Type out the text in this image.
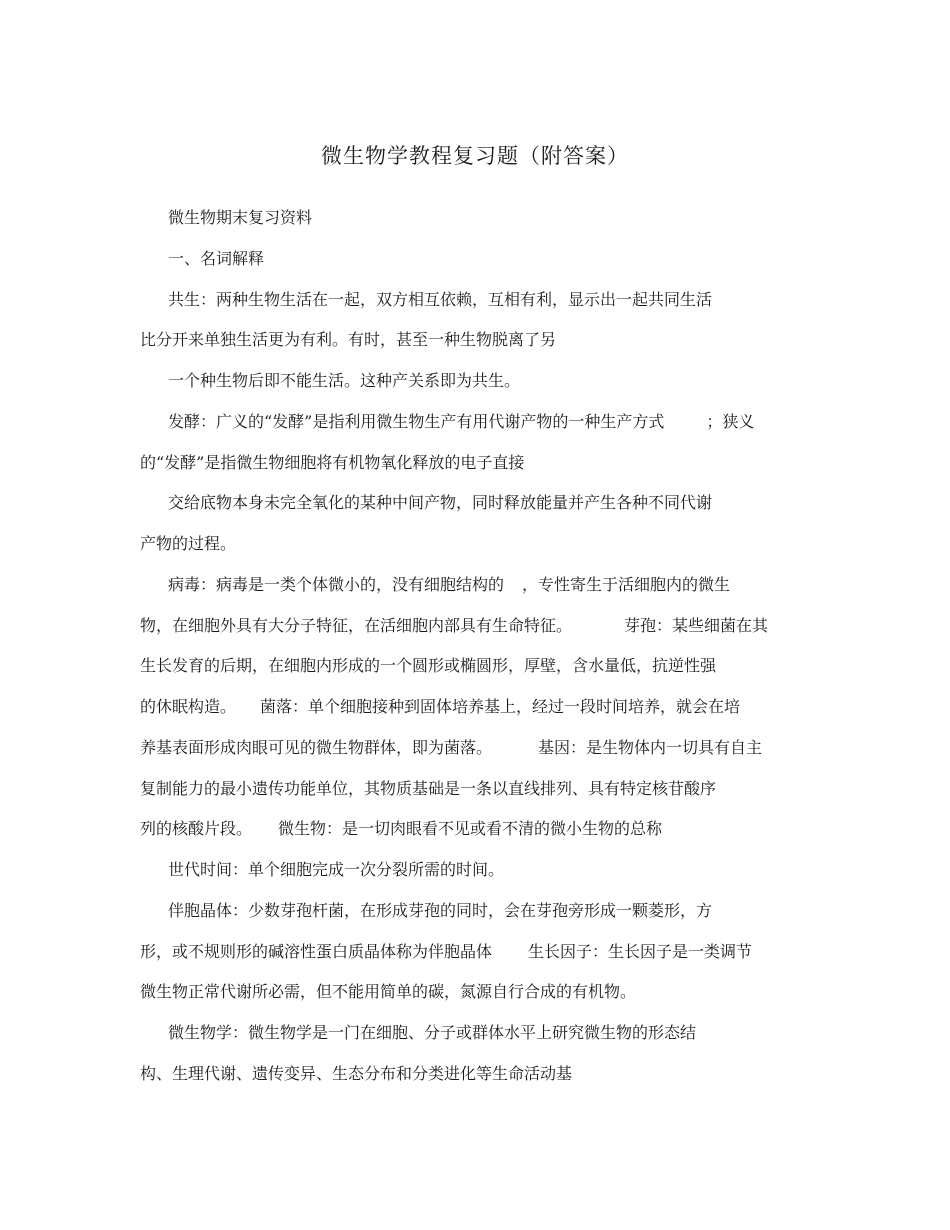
微生物学教程复习题（附答案）
微生物期末复习资料
一、名词解释
共生：两种生物生活在一起，双方相互依赖，互相有利，显示出一起共同生活
比分开来单独生活更为有利。有时，甚至一种生物脱离了另
一个种生物后即不能生活。这种产关系即为共生。
发酵：广义的“发酵”是指利用微生物生产有用代谢产物的一种生产方式	；狭义
的“发酵”是指微生物细胞将有机物氧化释放的电子直接
交给底物本身未完全氧化的某种中间产物，同时释放能量并产生各种不同代谢
产物的过程。
病毒：病毒是一类个体微小的，没有细胞结构的 ，专性寄生于活细胞内的微生
物，在细胞外具有大分子特征，在活细胞内部具有生命特征。	芽孢：某些细菌在其
生长发育的后期，在细胞内形成的一个圆形或椭圆形，厚壁，含水量低，抗逆性强
的休眠构造。 菌落：单个细胞接种到固体培养基上，经过一段时间培养，就会在培
养基表面形成肉眼可见的微生物群体，即为菌落。	基因：是生物体内一切具有自主
复制能力的最小遗传功能单位，其物质基础是一条以直线排列、具有特定核苷酸序
列的核酸片段。 微生物：是一切肉眼看不见或看不清的微小生物的总称
世代时间：单个细胞完成一次分裂所需的时间。
伴胞晶体：少数芽孢杆菌，在形成芽孢的同时，会在芽孢旁形成一颗菱形，方
形，或不规则形的碱溶性蛋白质晶体称为伴胞晶体 生长因子：生长因子是一类调节
微生物正常代谢所必需，但不能用简单的碳，氮源自行合成的有机物。
微生物学：微生物学是一门在细胞、分子或群体水平上研究微生物的形态结
构、生理代谢、遗传变异、生态分布和分类进化等生命活动基
